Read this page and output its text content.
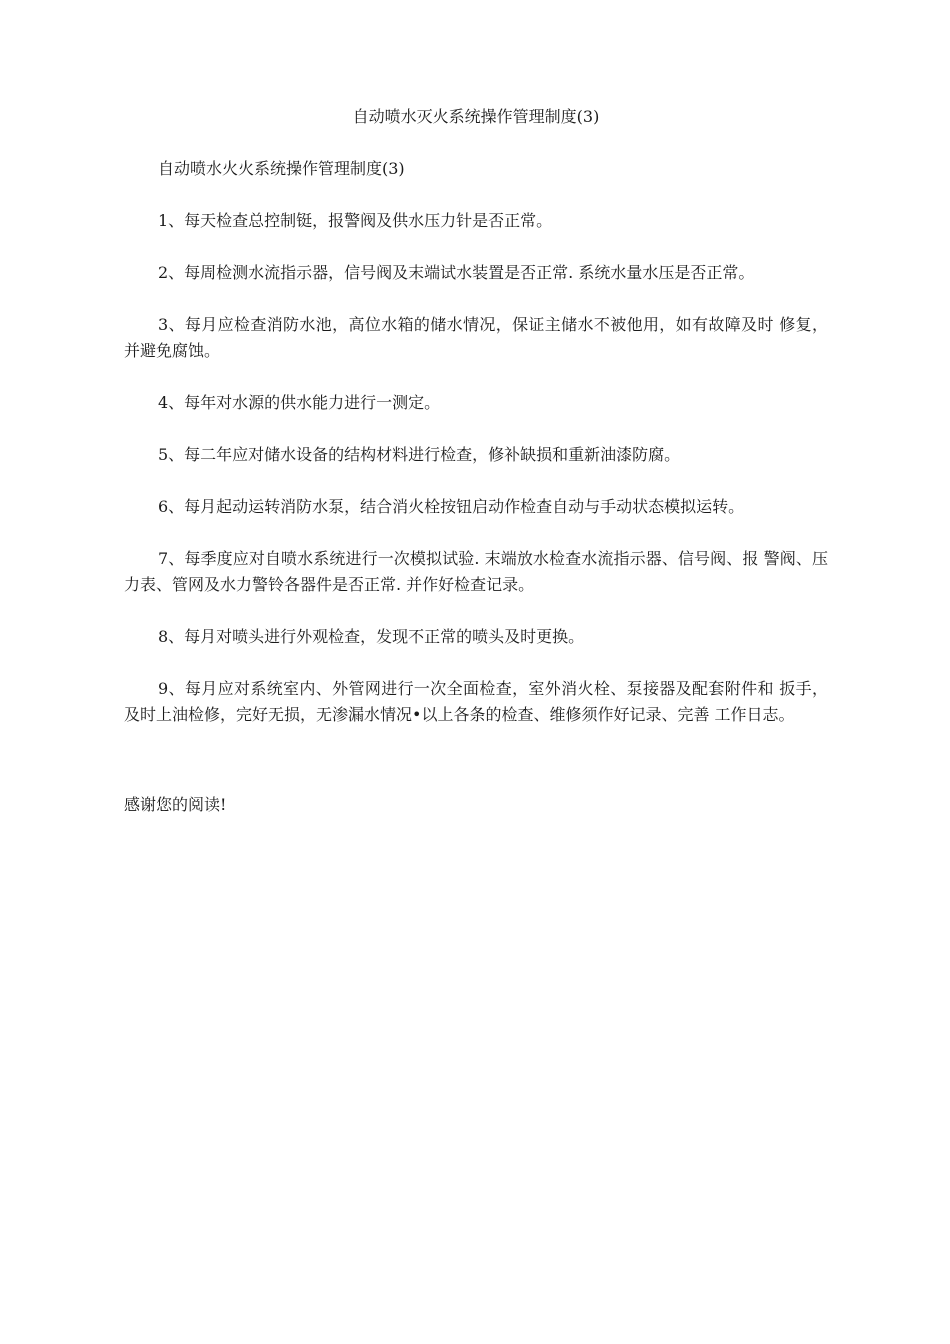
自动喷水灭火系统操作管理制度(3)

自动喷水火火系统操作管理制度(3)

1、每天检查总控制铤，报警阀及供水压力针是否正常。

2、每周检测水流指示器，信号阀及末端试水装置是否正常. 系统水量水压是否正常。

3、每月应检查消防水池，高位水箱的储水情况，保证主储水不被他用，如有故障及时 修复，并避免腐蚀。

4、每年对水源的供水能力进行一测定。

5、每二年应对储水设备的结构材料进行检查，修补缺损和重新油漆防腐。

6、每月起动运转消防水泵，结合消火栓按钮启动作检查自动与手动状态模拟运转。

7、每季度应对自喷水系统进行一次模拟试验. 末端放水检查水流指示器、信号阀、报 警阀、压力表、管网及水力警铃各器件是否正常. 并作好检查记录。

8、每月对喷头进行外观检查，发现不正常的喷头及时更换。

9、每月应对系统室内、外管网进行一次全面检查，室外消火栓、泵接器及配套附件和 扳手，及时上油检修，完好无损，无渗漏水情况•以上各条的检查、维修须作好记录、完善 工作日志。

感谢您的阅读!
